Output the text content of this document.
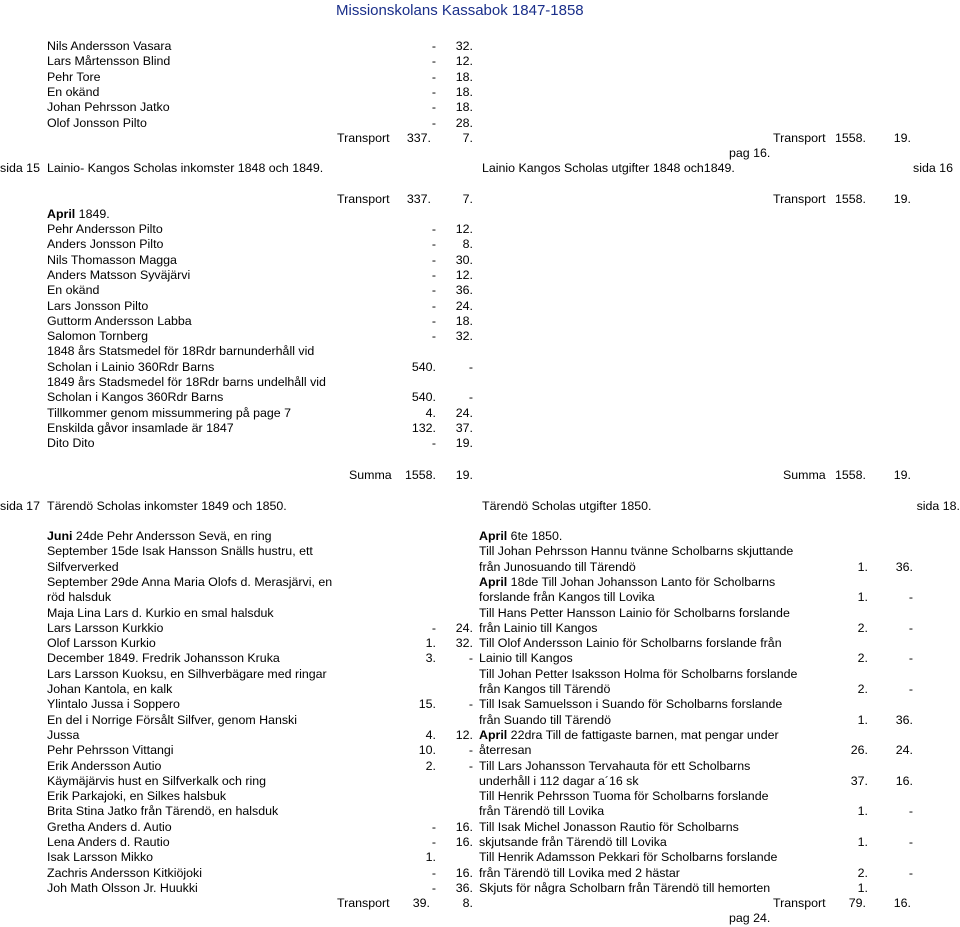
Missionskolans Kassabok 1847-1858
Nils Andersson Vasara	-	32.
Lars Mårtensson Blind	-	12.
Pehr Tore	-	18.
En okänd	-	18.
Johan Pehrsson Jatko	-	18.
Olof Jonsson Pilto	-	28.
Transport	337.	7.	Transport 1558.	19.
pag 16.
sida 15 Lainio- Kangos Scholas inkomster 1848 och 1849.	Lainio Kangos Scholas utgifter 1848 och1849.	sida 16
Transport	337.	7.	Transport 1558.	19.
April 1849.
Pehr Andersson Pilto	-	12.
Anders Jonsson Pilto	-	8.
Nils Thomasson Magga	-	30.
Anders Matsson Syväjärvi	-	12.
En okänd	-	36.
Lars Jonsson Pilto	-	24.
Guttorm Andersson Labba	-	18.
Salomon Tornberg	-	32.
1848 års Statsmedel för 18Rdr barnunderhåll vid
Scholan i Lainio 360Rdr Barns	540.	-
1849 års Stadsmedel för 18Rdr barns undelhåll vid
Scholan i Kangos 360Rdr Barns	540.	-
Tillkommer genom missummering på page 7	4.	24.
Enskilda gåvor insamlade är 1847	132.	37.
Dito Dito	-	19.
Summa	1558.	19.	Summa 1558.	19.
sida 17 Tärendö Scholas inkomster 1849 och 1850.	Tärendö Scholas utgifter 1850.	sida 18.
Juni 24de Pehr Andersson Sevä, en ring
September 15de Isak Hansson Snälls hustru, ett
Silfververked
September 29de Anna Maria Olofs d. Merasjärvi, en
röd halsduk
Maja Lina Lars d. Kurkio en smal halsduk
Lars Larsson Kurkkio	-	24.
Olof Larsson Kurkio	1.	32.
December 1849. Fredrik Johansson Kruka	3.	-
Lars Larsson Kuoksu, en Silhverbägare med ringar
Johan Kantola, en kalk
Ylintalo Jussa i Soppero	15.	-
En del i Norrige Försålt Silfver, genom Hanski
Jussa	4.	12.
Pehr Pehrsson Vittangi	10.	-
Erik Andersson Autio	2.	-
Käymäjärvis hust en Silfverkalk och ring
Erik Parkajoki, en Silkes halsbuk
Brita Stina Jatko från Tärendö, en halsduk
Gretha Anders d. Autio	-	16.
Lena Anders d. Rautio	-	16.
Isak Larsson Mikko	1.
Zachris Andersson Kitkiöjoki	-	16.
Joh Math Olsson Jr. Huukki	-	36.
April 6te 1850.
Till Johan Pehrsson Hannu tvänne Scholbarns skjuttande
från Junosuando till Tärendö	1.	36.
April 18de Till Johan Johansson Lanto för Scholbarns
forslande från Kangos till Lovika	1.	-
Till Hans Petter Hansson Lainio för Scholbarns forslande
från Lainio till Kangos	2.	-
Till Olof Andersson Lainio för Scholbarns forslande från
Lainio till Kangos	2.	-
Till Johan Petter Isaksson Holma för Scholbarns forslande
från Kangos till Tärendö	2.	-
Till Isak Samuelsson i Suando för Scholbarns forslande
från Suando till Tärendö	1.	36.
April 22dra Till de fattigaste barnen, mat pengar under
återresan	26.	24.
Till Lars Johansson Tervahauta för ett Scholbarns
underhåll i 112 dagar a´16 sk	37.	16.
Till Henrik Pehrsson Tuoma för Scholbarns forslande
från Tärendö till Lovika	1.	-
Till Isak Michel Jonasson Rautio för Scholbarns
skjutsande från Tärendö till Lovika	1.	-
Till Henrik Adamsson Pekkari för Scholbarns forslande
från Tärendö till Lovika med 2 hästar	2.	-
Skjuts för några Scholbarn från Tärendö till hemorten	1.
Transport	39.	8.	Transport	79.	16.
pag 24.
